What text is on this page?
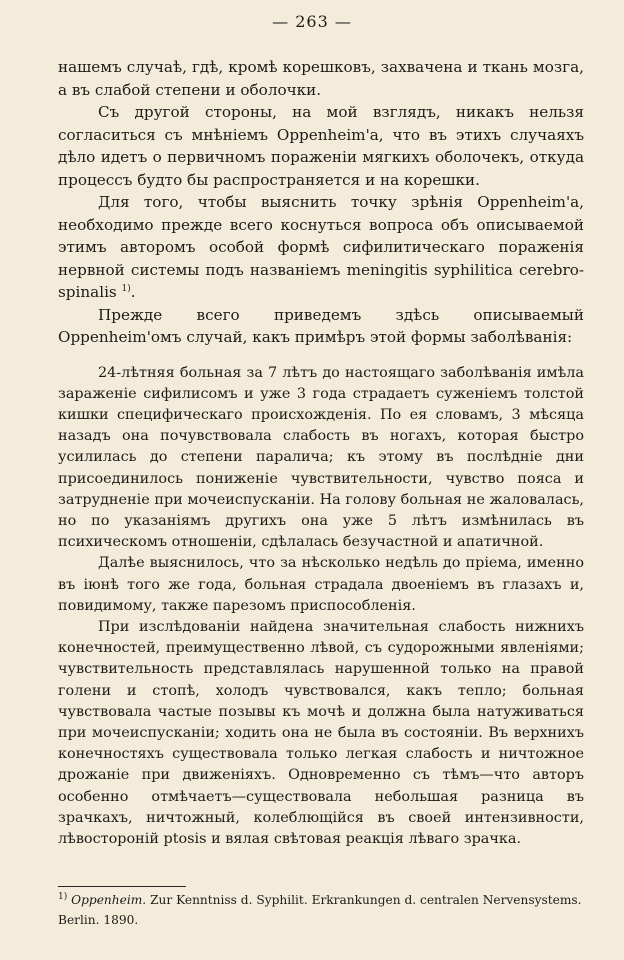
— 263 —

нашемъ случаѣ, гдѣ, кромѣ корешковъ, захвачена и ткань мозга, а въ слабой степени и оболочки.

Съ другой стороны, на мой взглядъ, никакъ нельзя согласиться съ мнѣніемъ Oppenheim'а, что въ этихъ случаяхъ дѣло идетъ о первичномъ пораженіи мягкихъ оболочекъ, откуда процессъ будто бы распространяется и на корешки.

Для того, чтобы выяснить точку зрѣнія Oppenheim'а, необходимо прежде всего коснуться вопроса объ описываемой этимъ авторомъ особой формѣ сифилитическаго пораженія нервной системы подъ названіемъ meningitis syphilitica cerebro-spinalis $^{1)}$.

Прежде всего приведемъ здѣсь описываемый Oppenheim'омъ случай, какъ примѣръ этой формы заболѣванія:

24-лѣтняя больная за 7 лѣтъ до настоящаго заболѣванія имѣла зараженіе сифилисомъ и уже 3 года страдаетъ суженіемъ толстой кишки специфическаго происхожденія. По ея словамъ, 3 мѣсяца назадъ она почувствовала слабость въ ногахъ, которая быстро усилилась до степени паралича; къ этому въ послѣдніе дни присоединилось пониженіе чувствительности, чувство пояса и затрудненіе при мочеиспусканіи. На голову больная не жаловалась, но по указаніямъ другихъ она уже 5 лѣтъ измѣнилась въ психическомъ отношеніи, сдѣлалась безучастной и апатичной.

Далѣе выяснилось, что за нѣсколько недѣль до пріема, именно въ іюнѣ того же года, больная страдала двоеніемъ въ глазахъ и, повидимому, также парезомъ приспособленія.

При изслѣдованіи найдена значительная слабость нижнихъ конечностей, преимущественно лѣвой, съ судорожными явленіями; чувствительность представлялась нарушенной только на правой голени и стопѣ, холодъ чувствовался, какъ тепло; больная чувствовала частые позывы къ мочѣ и должна была натуживаться при мочеиспусканіи; ходить она не была въ состояніи. Въ верхнихъ конечностяхъ существовала только легкая слабость и ничтожное дрожаніе при движеніяхъ. Одновременно съ тѣмъ—что авторъ особенно отмѣчаетъ—существовала небольшая разница въ зрачкахъ, ничтожный, колеблющійся въ своей интензивности, лѣвосторонiй ptosis и вялая свѣтовая реакція лѣваго зрачка.

$^{1)}$ Oppenheim. Zur Kenntniss d. Syphilit. Erkrankungen d. centralen Nervensystems. Berlin. 1890.
